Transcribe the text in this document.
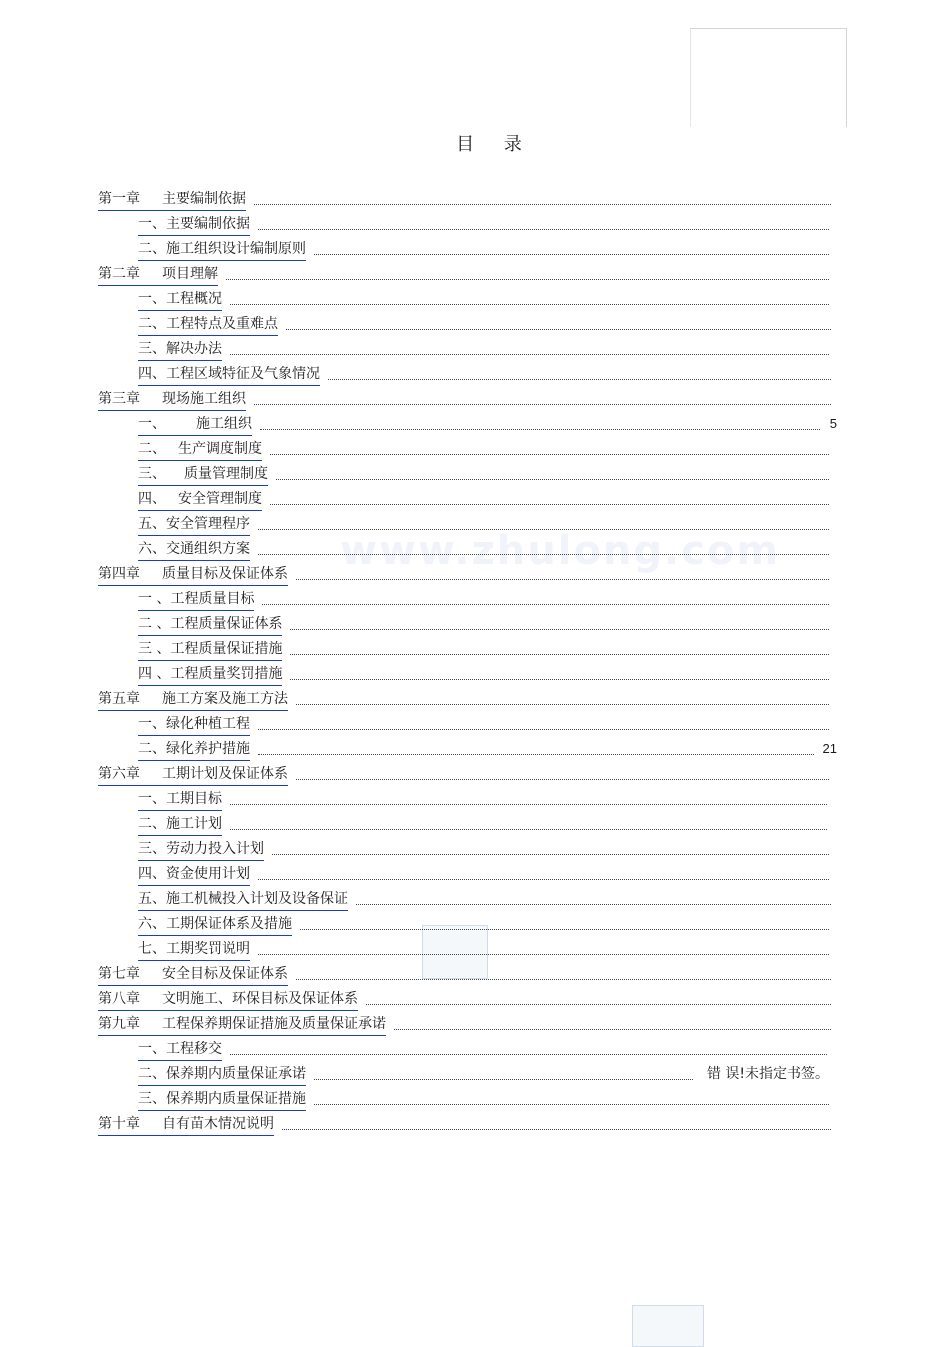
www.zhulong.com
目 录
第一章 主要编制依据
一、主要编制依据
二、施工组织设计编制原则
第二章 项目理解
一、工程概况
二、工程特点及重难点
三、解决办法
四、工程区域特征及气象情况
第三章 现场施工组织
一、 施工组织	5
二、 生产调度制度
三、 质量管理制度
四、 安全管理制度
五、安全管理程序
六、交通组织方案
第四章 质量目标及保证体系
一 、工程质量目标
二 、工程质量保证体系
三 、工程质量保证措施
四 、工程质量奖罚措施
第五章 施工方案及施工方法
一、绿化种植工程
二、绿化养护措施	21
第六章 工期计划及保证体系
一、工期目标
二、施工计划
三、劳动力投入计划
四、资金使用计划
五、施工机械投入计划及设备保证
六、工期保证体系及措施
七、工期奖罚说明
第七章 安全目标及保证体系
第八章 文明施工、环保目标及保证体系
第九章 工程保养期保证措施及质量保证承诺
一、工程移交
二、保养期内质量保证承诺	错 误!未指定书签。
三、保养期内质量保证措施
第十章 自有苗木情况说明
